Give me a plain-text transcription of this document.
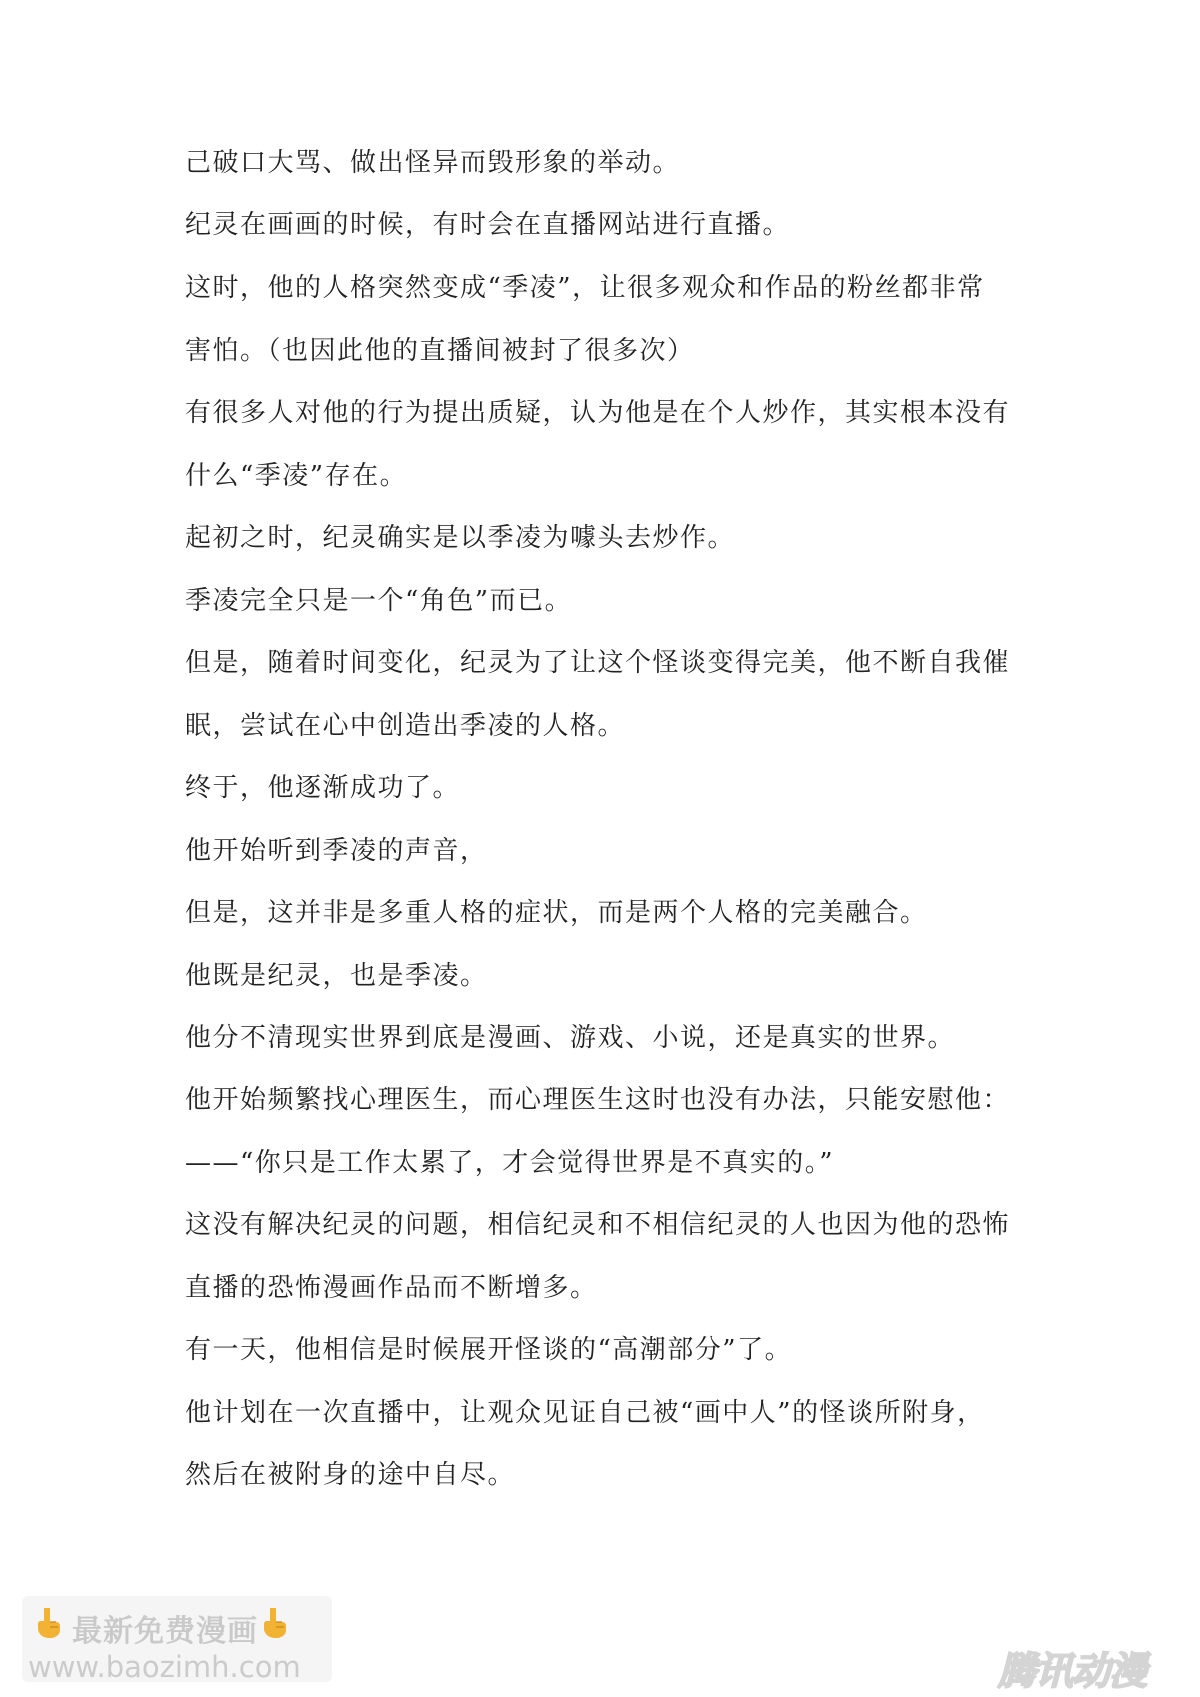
己破口大骂、做出怪异而毁形象的举动。
纪灵在画画的时候，有时会在直播网站进行直播。
这时，他的人格突然变成“季凌”，让很多观众和作品的粉丝都非常
害怕。（也因此他的直播间被封了很多次）
有很多人对他的行为提出质疑，认为他是在个人炒作，其实根本没有
什么“季凌”存在。
起初之时，纪灵确实是以季凌为噱头去炒作。
季凌完全只是一个“角色”而已。
但是，随着时间变化，纪灵为了让这个怪谈变得完美，他不断自我催
眠，尝试在心中创造出季凌的人格。
终于，他逐渐成功了。
他开始听到季凌的声音，
但是，这并非是多重人格的症状，而是两个人格的完美融合。
他既是纪灵，也是季凌。
他分不清现实世界到底是漫画、游戏、小说，还是真实的世界。
他开始频繁找心理医生，而心理医生这时也没有办法，只能安慰他：
——“你只是工作太累了，才会觉得世界是不真实的。”
这没有解决纪灵的问题，相信纪灵和不相信纪灵的人也因为他的恐怖
直播的恐怖漫画作品而不断增多。
有一天，他相信是时候展开怪谈的“高潮部分”了。
他计划在一次直播中，让观众见证自己被“画中人”的怪谈所附身，
然后在被附身的途中自尽。
最新免费漫画
www.baozimh.com	腾讯动漫
